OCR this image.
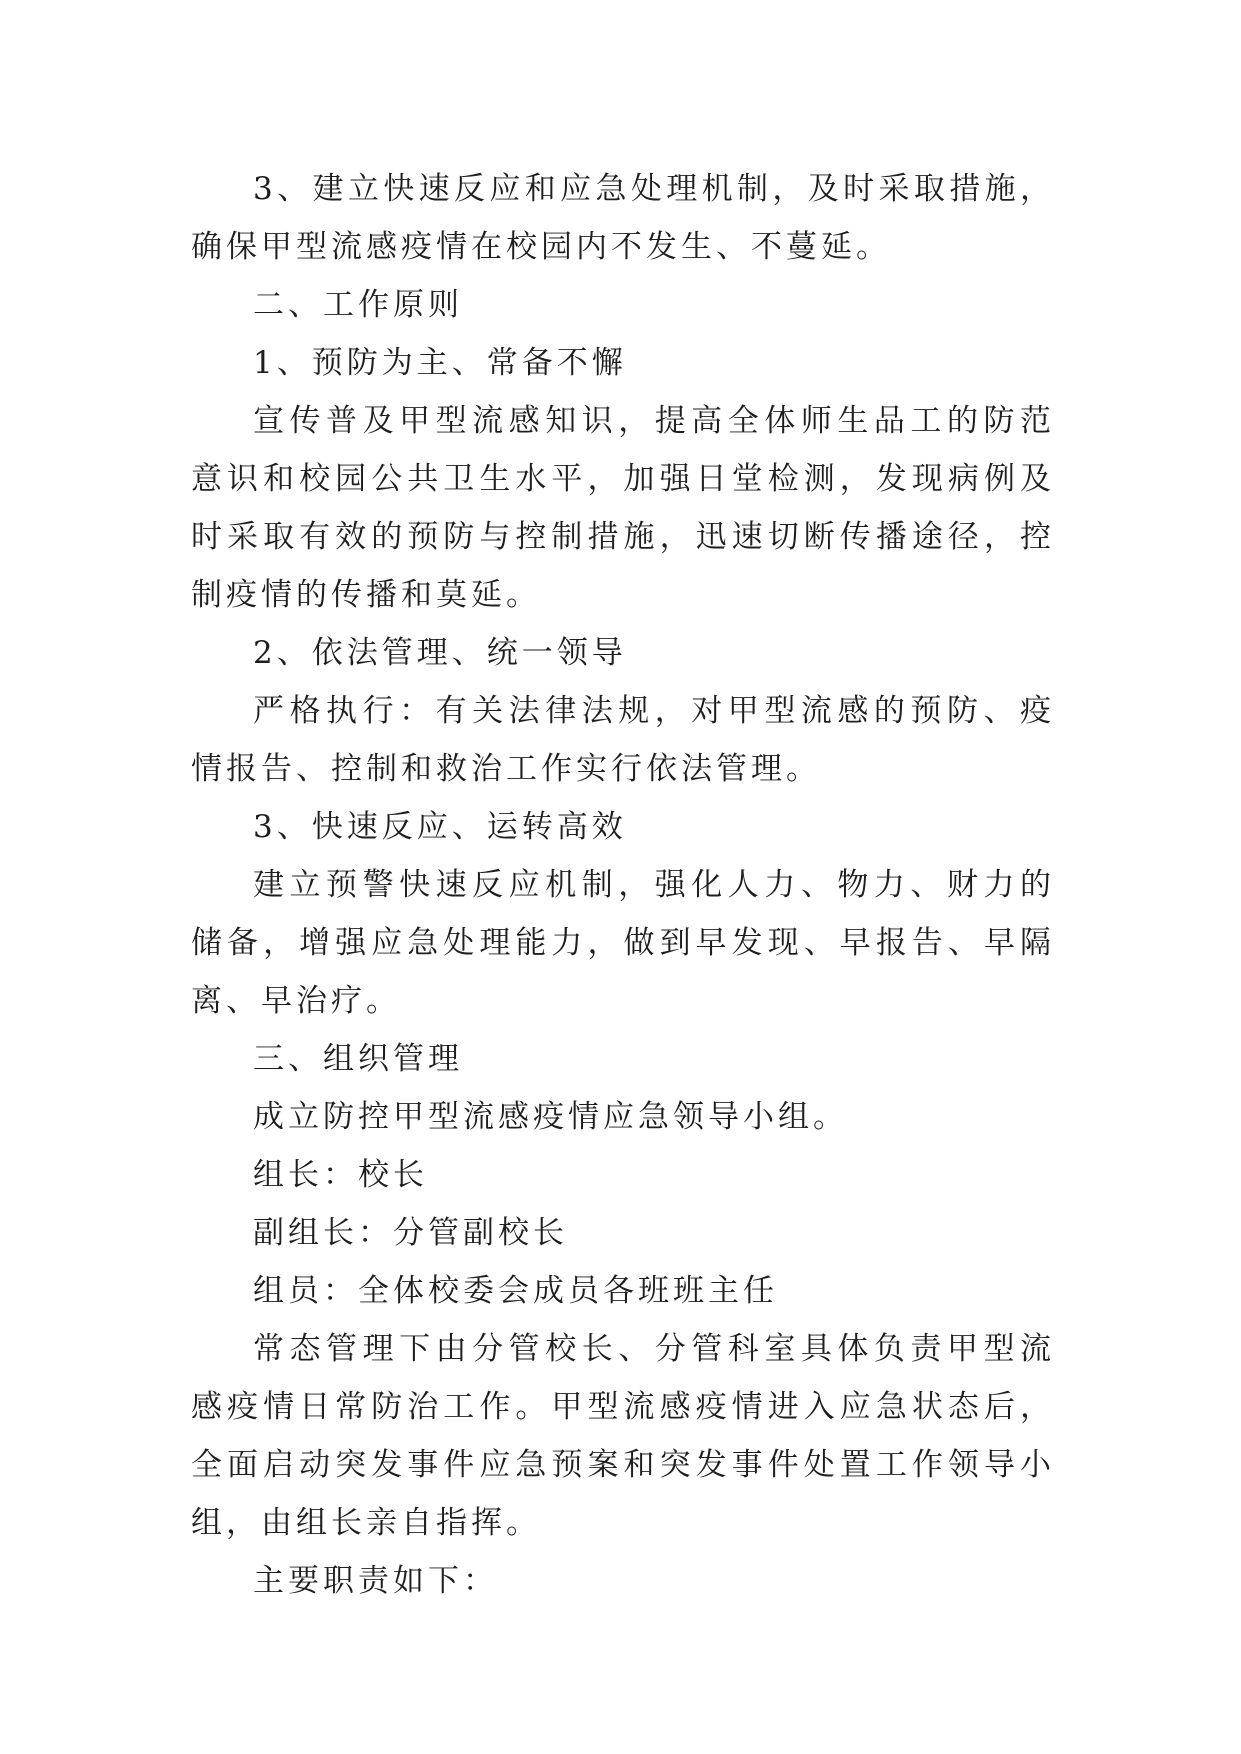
3、建立快速反应和应急处理机制，及时采取措施，确保甲型流感疫情在校园内不发生、不蔓延。

二、工作原则

1、预防为主、常备不懈

宣传普及甲型流感知识，提高全体师生品工的防范意识和校园公共卫生水平，加强日堂检测，发现病例及时采取有效的预防与控制措施，迅速切断传播途径，控制疫情的传播和莫延。

2、依法管理、统一领导

严格执行：有关法律法规，对甲型流感的预防、疫情报告、控制和救治工作实行依法管理。

3、快速反应、运转高效

建立预警快速反应机制，强化人力、物力、财力的储备，增强应急处理能力，做到早发现、早报告、早隔离、早治疗。

三、组织管理

成立防控甲型流感疫情应急领导小组。

组长：校长

副组长：分管副校长

组员：全体校委会成员各班班主任

常态管理下由分管校长、分管科室具体负责甲型流感疫情日常防治工作。甲型流感疫情进入应急状态后，全面启动突发事件应急预案和突发事件处置工作领导小组，由组长亲自指挥。

主要职责如下：
